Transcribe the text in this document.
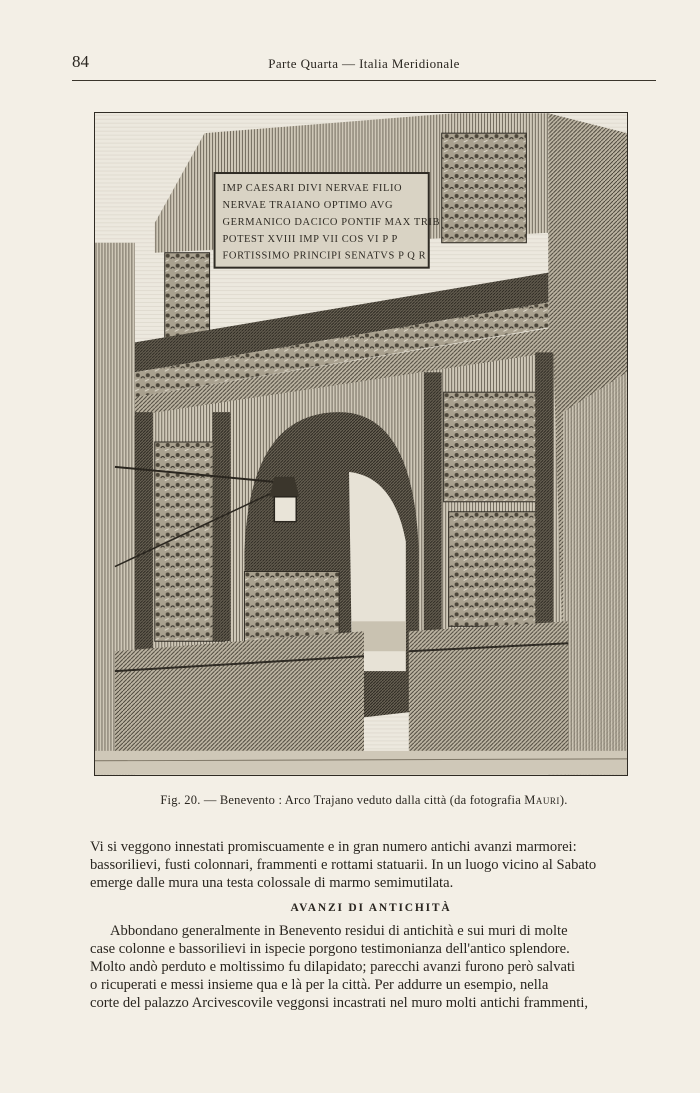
84	Parte Quarta — Italia Meridionale
IMP CAESARI DIVI NERVAE FILIO
NERVAE TRAIANO OPTIMO AVG
GERMANICO DACICO PONTIF MAX TRIB
POTEST XVIII IMP VII COS VI P P
FORTISSIMO PRINCIPI SENATVS P Q R
Fig. 20. — Benevento : Arco Trajano veduto dalla città (da fotografia Mauri).
Vi si veggono innestati promiscuamente e in gran numero antichi avanzi marmorei:
bassorilievi, fusti colonnari, frammenti e rottami statuarii. In un luogo vicino al Sabato
emerge dalle mura una testa colossale di marmo semimutilata.
AVANZI DI ANTICHITÀ
Abbondano generalmente in Benevento residui di antichità e sui muri di molte
case colonne e bassorilievi in ispecie porgono testimonianza dell'antico splendore.
Molto andò perduto e moltissimo fu dilapidato; parecchi avanzi furono però salvati
o ricuperati e messi insieme qua e là per la città. Per addurre un esempio, nella
corte del palazzo Arcivescovile veggonsi incastrati nel muro molti antichi frammenti,
